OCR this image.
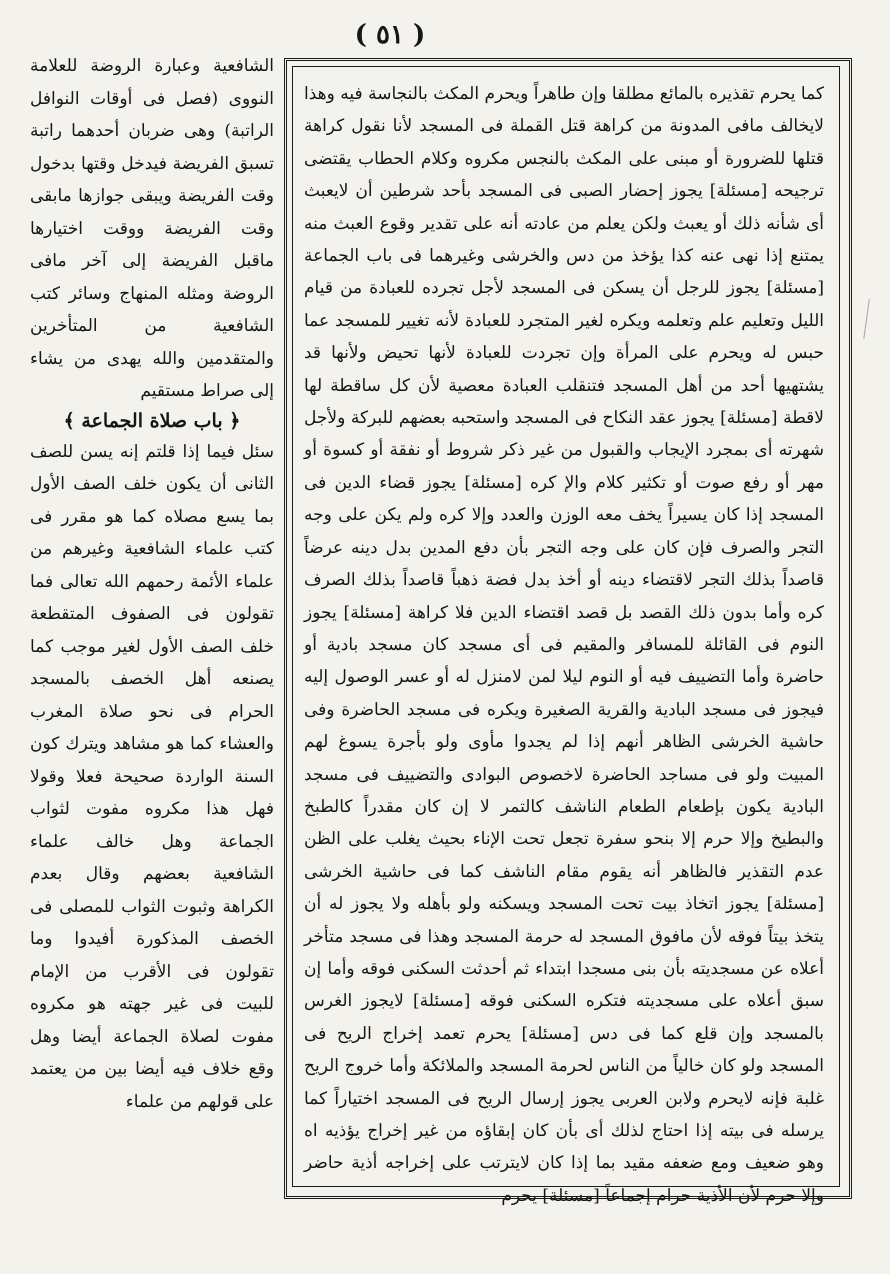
( ٥١ )

كما يحرم تقذيره بالمائع مطلقا وإن طاهراً ويحرم المكث بالنجاسة فيه وهذا لايخالف مافى المدونة من كراهة قتل القملة فى المسجد لأنا نقول كراهة قتلها للضرورة أو مبنى على المكث بالنجس مكروه وكلام الحطاب يقتضى ترجيحه [مسئلة] يجوز إحضار الصبى فى المسجد بأحد شرطين أن لايعبث أى شأنه ذلك أو يعبث ولكن يعلم من عادته أنه على تقدير وقوع العبث منه يمتنع إذا نهى عنه كذا يؤخذ من دس والخرشى وغيرهما فى باب الجماعة [مسئلة] يجوز للرجل أن يسكن فى المسجد لأجل تجرده للعبادة من قيام الليل وتعليم علم وتعلمه ويكره لغير المتجرد للعبادة لأنه تغيير للمسجد عما حبس له ويحرم على المرأة وإن تجردت للعبادة لأنها تحيض ولأنها قد يشتهيها أحد من أهل المسجد فتنقلب العبادة معصية لأن كل ساقطة لها لاقطة [مسئلة] يجوز عقد النكاح فى المسجد واستحبه بعضهم للبركة ولأجل شهرته أى بمجرد الإيجاب والقبول من غير ذكر شروط أو نفقة أو كسوة أو مهر أو رفع صوت أو تكثير كلام والإ كره [مسئلة] يجوز قضاء الدين فى المسجد إذا كان يسيراً يخف معه الوزن والعدد وإلا كره ولم يكن على وجه التجر والصرف فإن كان على وجه التجر بأن دفع المدين بدل دينه عرضاً قاصداً بذلك التجر لاقتضاء دينه أو أخذ بدل فضة ذهباً قاصداً بذلك الصرف كره وأما بدون ذلك القصد بل قصد اقتضاء الدين فلا كراهة [مسئلة] يجوز النوم فى القائلة للمسافر والمقيم فى أى مسجد كان مسجد بادية أو حاضرة وأما التضييف فيه أو النوم ليلا لمن لامنزل له أو عسر الوصول إليه فيجوز فى مسجد البادية والقرية الصغيرة ويكره فى مسجد الحاضرة وفى حاشية الخرشى الظاهر أنهم إذا لم يجدوا مأوى ولو بأجرة يسوغ لهم المبيت ولو فى مساجد الحاضرة لاخصوص البوادى والتضييف فى مسجد البادية يكون بإطعام الطعام الناشف كالتمر لا إن كان مقدراً كالطبخ والبطيخ وإلا حرم إلا بنحو سفرة تجعل تحت الإناء بحيث يغلب على الظن عدم التقذير فالظاهر أنه يقوم مقام الناشف كما فى حاشية الخرشى [مسئلة] يجوز اتخاذ بيت تحت المسجد ويسكنه ولو بأهله ولا يجوز له أن يتخذ بيتاً فوقه لأن مافوق المسجد له حرمة المسجد وهذا فى مسجد متأخر أعلاه عن مسجديته بأن بنى مسجدا ابتداء ثم أحدثت السكنى فوقه وأما إن سبق أعلاه على مسجديته فتكره السكنى فوقه [مسئلة] لايجوز الغرس بالمسجد وإن قلع كما فى دس [مسئلة] يحرم تعمد إخراج الريح فى المسجد ولو كان خالياً من الناس لحرمة المسجد والملائكة وأما خروج الريح غلبة فإنه لايحرم ولابن العربى يجوز إرسال الريح فى المسجد اختياراً كما يرسله فى بيته إذا احتاج لذلك أى بأن كان إبقاؤه من غير إخراج يؤذيه اه وهو ضعيف ومع ضعفه مقيد بما إذا كان لايترتب على إخراجه أذية حاضر وإلا حرم لأن الأذية حرام إجماعاً [مسئلة] يحرم

الشافعية وعبارة الروضة للعلامة النووى (فصل فى أوقات النوافل الراتبة) وهى ضربان أحدهما راتبة تسبق الفريضة فيدخل وقتها بدخول وقت الفريضة ويبقى جوازها مابقى وقت الفريضة ووقت اختيارها ماقبل الفريضة إلى آخر مافى الروضة ومثله المنهاج وسائر كتب الشافعية من المتأخرين والمتقدمين والله يهدى من يشاء إلى صراط مستقيم

سئل فيما إذا قلتم إنه يسن للصف الثانى أن يكون خلف الصف الأول بما يسع مصلاه كما هو مقرر فى كتب علماء الشافعية وغيرهم من علماء الأئمة رحمهم الله تعالى فما تقولون فى الصفوف المتقطعة خلف الصف الأول لغير موجب كما يصنعه أهل الخصف بالمسجد الحرام فى نحو صلاة المغرب والعشاء كما هو مشاهد ويترك كون السنة الواردة صحيحة فعلا وقولا فهل هذا مكروه مفوت لثواب الجماعة وهل خالف علماء الشافعية بعضهم وقال بعدم الكراهة وثبوت الثواب للمصلى فى الخصف المذكورة أفيدوا وما تقولون فى الأقرب من الإمام للبيت فى غير جهته هو مكروه مفوت لصلاة الجماعة أيضا وهل وقع خلاف فيه أيضا بين من يعتمد على قولهم من علماء

﴿ باب صلاة الجماعة ﴾
